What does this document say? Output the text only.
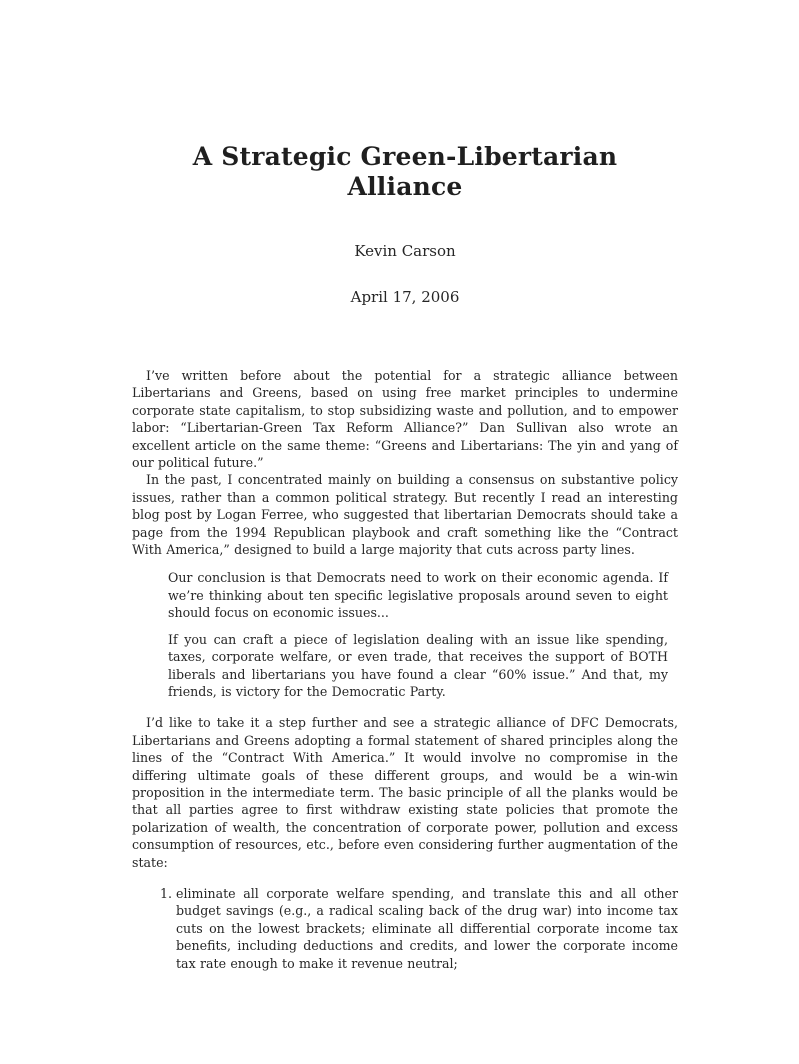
A Strategic Green-Libertarian Alliance
Kevin Carson
April 17, 2006

I’ve written before about the potential for a strategic alliance between Libertarians and Greens, based on using free market principles to undermine corporate state capitalism, to stop subsidizing waste and pollution, and to empower labor: “Libertarian-Green Tax Reform Alliance?” Dan Sullivan also wrote an excellent article on the same theme: “Greens and Libertarians: The yin and yang of our political future.”

In the past, I concentrated mainly on building a consensus on substantive policy issues, rather than a common political strategy. But recently I read an interesting blog post by Logan Ferree, who suggested that libertarian Democrats should take a page from the 1994 Republican playbook and craft something like the “Contract With America,” designed to build a large majority that cuts across party lines.

Our conclusion is that Democrats need to work on their economic agenda. If we’re thinking about ten specific legislative proposals around seven to eight should focus on economic issues...

If you can craft a piece of legislation dealing with an issue like spending, taxes, corporate welfare, or even trade, that receives the support of BOTH liberals and libertarians you have found a clear “60% issue.” And that, my friends, is victory for the Democratic Party.

I’d like to take it a step further and see a strategic alliance of DFC Democrats, Libertarians and Greens adopting a formal statement of shared principles along the lines of the “Contract With America.” It would involve no compromise in the differing ultimate goals of these different groups, and would be a win-win proposition in the intermediate term. The basic principle of all the planks would be that all parties agree to first withdraw existing state policies that promote the polarization of wealth, the concentration of corporate power, pollution and excess consumption of resources, etc., before even considering further augmentation of the state:

1. eliminate all corporate welfare spending, and translate this and all other budget savings (e.g., a radical scaling back of the drug war) into income tax cuts on the lowest brackets; eliminate all differential corporate income tax benefits, including deductions and credits, and lower the corporate income tax rate enough to make it revenue neutral;
